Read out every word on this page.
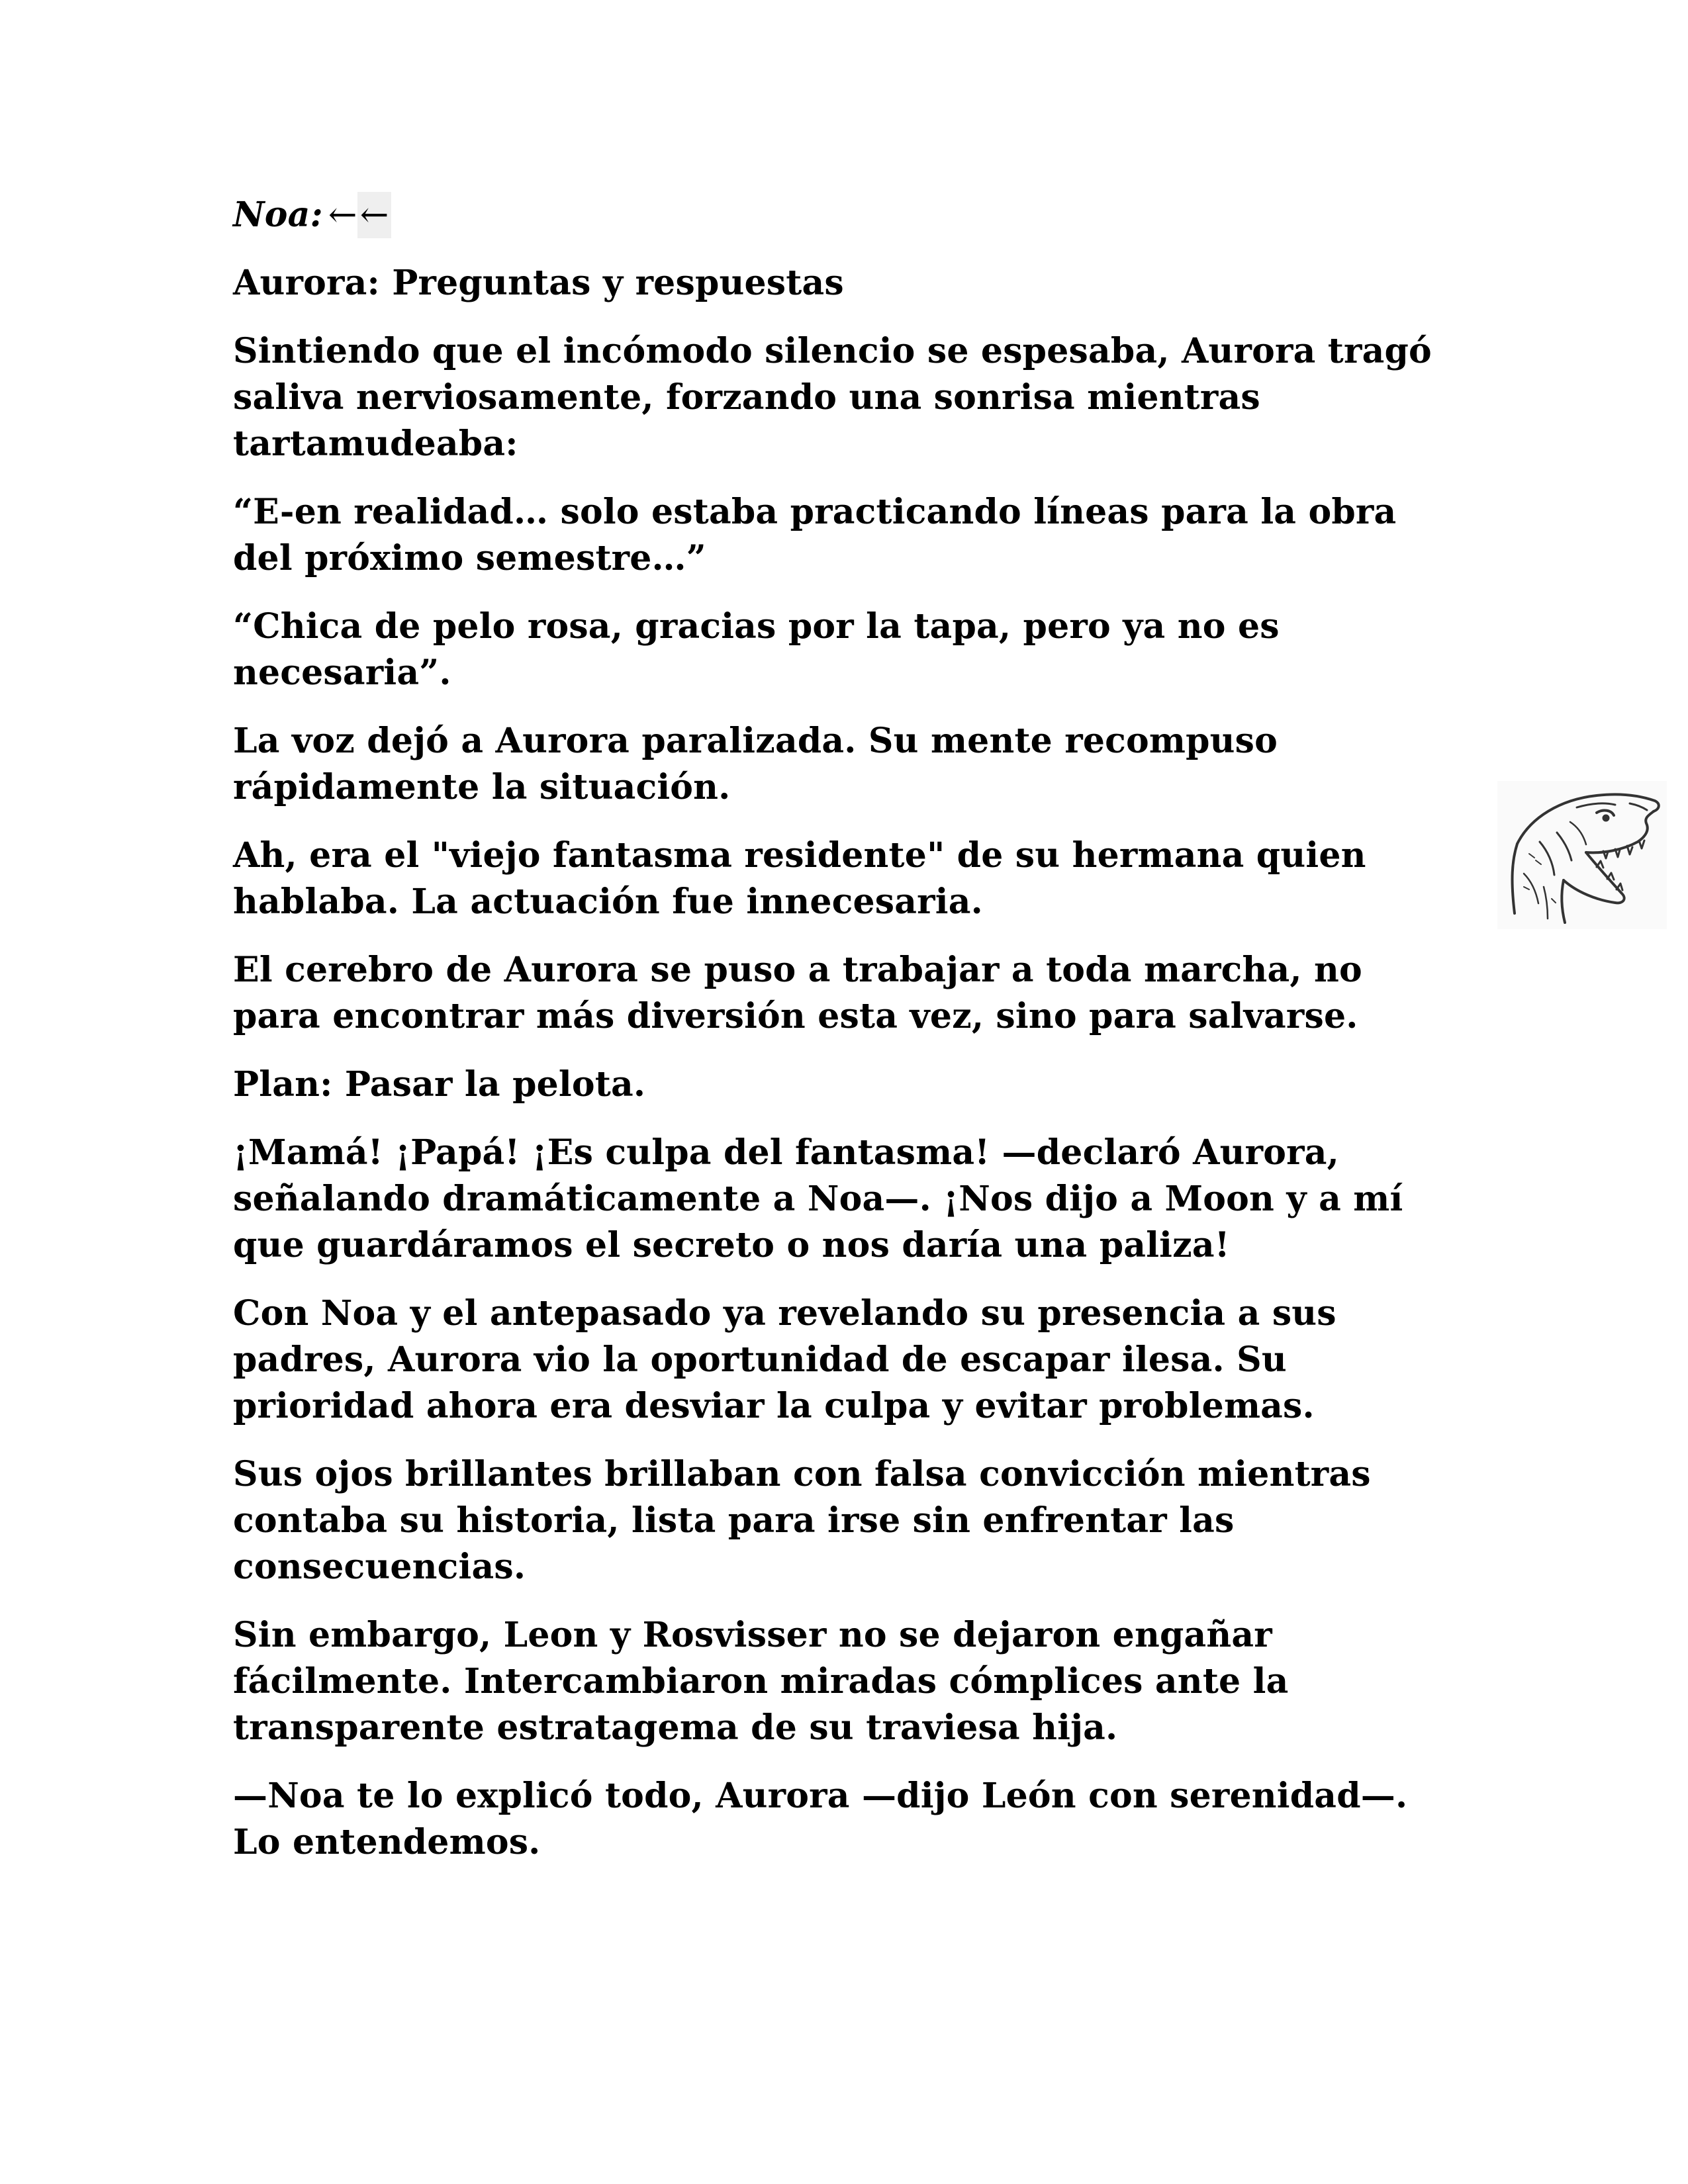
Noa: ←←

Aurora: Preguntas y respuestas

Sintiendo que el incómodo silencio se espesaba, Aurora tragó saliva nerviosamente, forzando una sonrisa mientras tartamudeaba:

“E-en realidad… solo estaba practicando líneas para la obra del próximo semestre…”

“Chica de pelo rosa, gracias por la tapa, pero ya no es necesaria”.

La voz dejó a Aurora paralizada. Su mente recompuso rápidamente la situación.

Ah, era el "viejo fantasma residente" de su hermana quien hablaba. La actuación fue innecesaria.

El cerebro de Aurora se puso a trabajar a toda marcha, no para encontrar más diversión esta vez, sino para salvarse.

Plan: Pasar la pelota.

¡Mamá! ¡Papá! ¡Es culpa del fantasma! —declaró Aurora, señalando dramáticamente a Noa—. ¡Nos dijo a Moon y a mí que guardáramos el secreto o nos daría una paliza!

Con Noa y el antepasado ya revelando su presencia a sus padres, Aurora vio la oportunidad de escapar ilesa. Su prioridad ahora era desviar la culpa y evitar problemas.

Sus ojos brillantes brillaban con falsa convicción mientras contaba su historia, lista para irse sin enfrentar las consecuencias.

Sin embargo, Leon y Rosvisser no se dejaron engañar fácilmente. Intercambiaron miradas cómplices ante la transparente estratagema de su traviesa hija.

—Noa te lo explicó todo, Aurora —dijo León con serenidad—. Lo entendemos.
